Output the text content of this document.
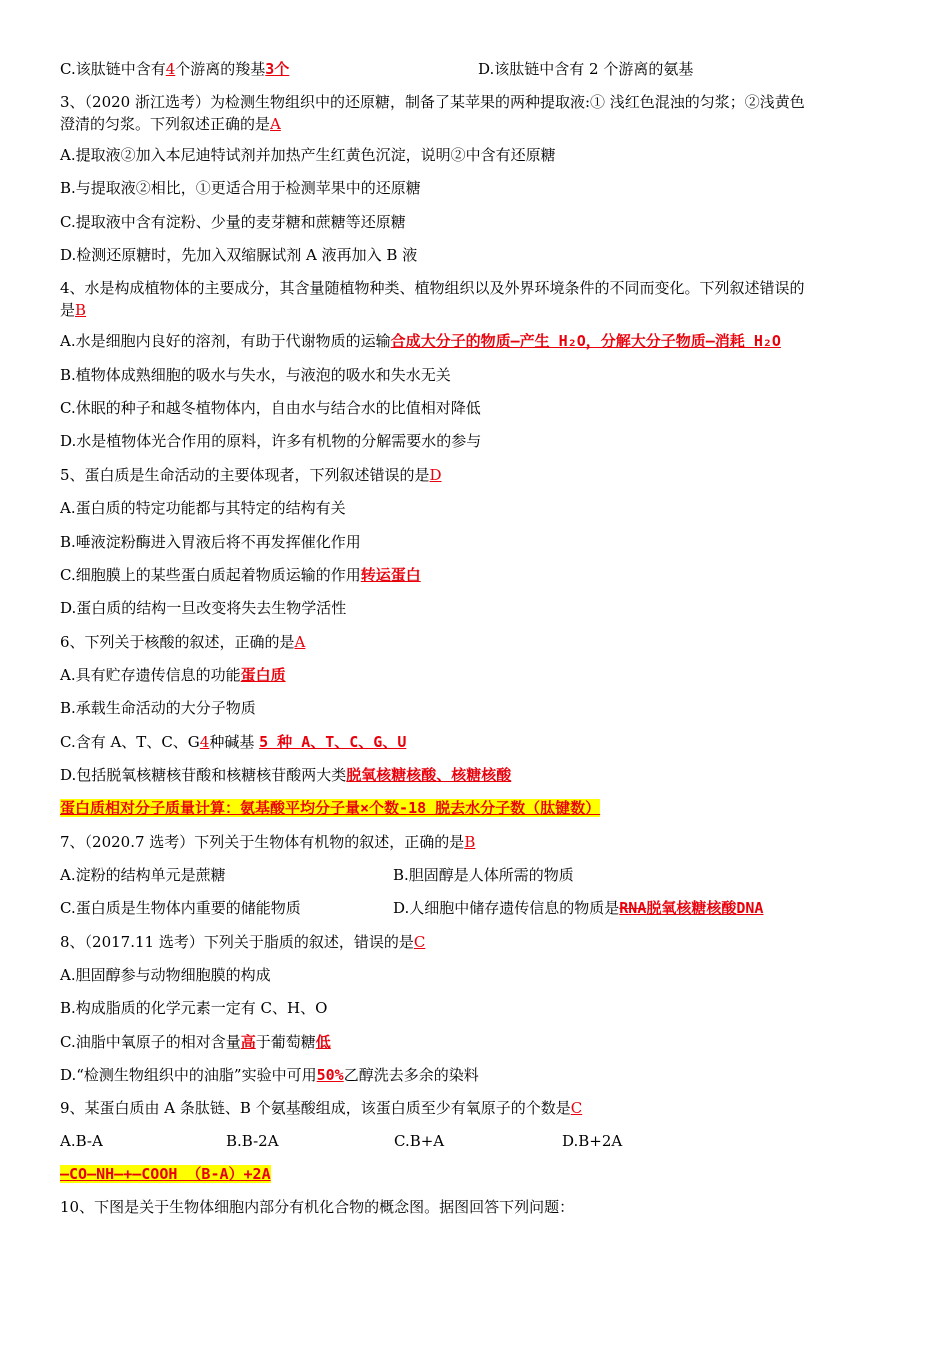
C.该肽链中含有4个游离的羧基3个	D.该肽链中含有 2 个游离的氨基
3、（2020 浙江选考）为检测生物组织中的还原糖，制备了某苹果的两种提取液:① 浅红色混浊的匀浆；②浅黄色
澄清的匀浆。下列叙述正确的是A
A.提取液②加入本尼迪特试剂并加热产生红黄色沉淀，说明②中含有还原糖
B.与提取液②相比，①更适合用于检测苹果中的还原糖
C.提取液中含有淀粉、少量的麦芽糖和蔗糖等还原糖
D.检测还原糖时，先加入双缩脲试剂 A 液再加入 B 液
4、水是构成植物体的主要成分，其含量随植物种类、植物组织以及外界环境条件的不同而变化。下列叙述错误的
是B
A.水是细胞内良好的溶剂，有助于代谢物质的运输合成大分子的物质—产生 H₂O，分解大分子物质—消耗 H₂O
B.植物体成熟细胞的吸水与失水，与液泡的吸水和失水无关
C.休眠的种子和越冬植物体内，自由水与结合水的比值相对降低
D.水是植物体光合作用的原料，许多有机物的分解需要水的参与
5、蛋白质是生命活动的主要体现者，下列叙述错误的是D
A.蛋白质的特定功能都与其特定的结构有关
B.唾液淀粉酶进入胃液后将不再发挥催化作用
C.细胞膜上的某些蛋白质起着物质运输的作用转运蛋白
D.蛋白质的结构一旦改变将失去生物学活性
6、下列关于核酸的叙述，正确的是A
A.具有贮存遗传信息的功能蛋白质
B.承载生命活动的大分子物质
C.含有 A、T、C、G4种碱基 5 种 A、T、C、G、U
D.包括脱氧核糖核苷酸和核糖核苷酸两大类脱氧核糖核酸、核糖核酸
蛋白质相对分子质量计算：氨基酸平均分子量×个数-18 脱去水分子数（肽键数）
7、（2020.7 选考）下列关于生物体有机物的叙述，正确的是B
A.淀粉的结构单元是蔗糖	B.胆固醇是人体所需的物质
C.蛋白质是生物体内重要的储能物质	D.人细胞中储存遗传信息的物质是RNA脱氧核糖核酸DNA
8、（2017.11 选考）下列关于脂质的叙述，错误的是C
A.胆固醇参与动物细胞膜的构成
B.构成脂质的化学元素一定有 C、H、O
C.油脂中氧原子的相对含量高于葡萄糖低
D.“检测生物组织中的油脂”实验中可用50%乙醇洗去多余的染料
9、某蛋白质由 A 条肽链、B 个氨基酸组成，该蛋白质至少有氧原子的个数是C
A.B-A	B.B-2A	C.B+A	D.B+2A
—CO—NH—+—COOH （B-A）+2A
10、下图是关于生物体细胞内部分有机化合物的概念图。据图回答下列问题：
